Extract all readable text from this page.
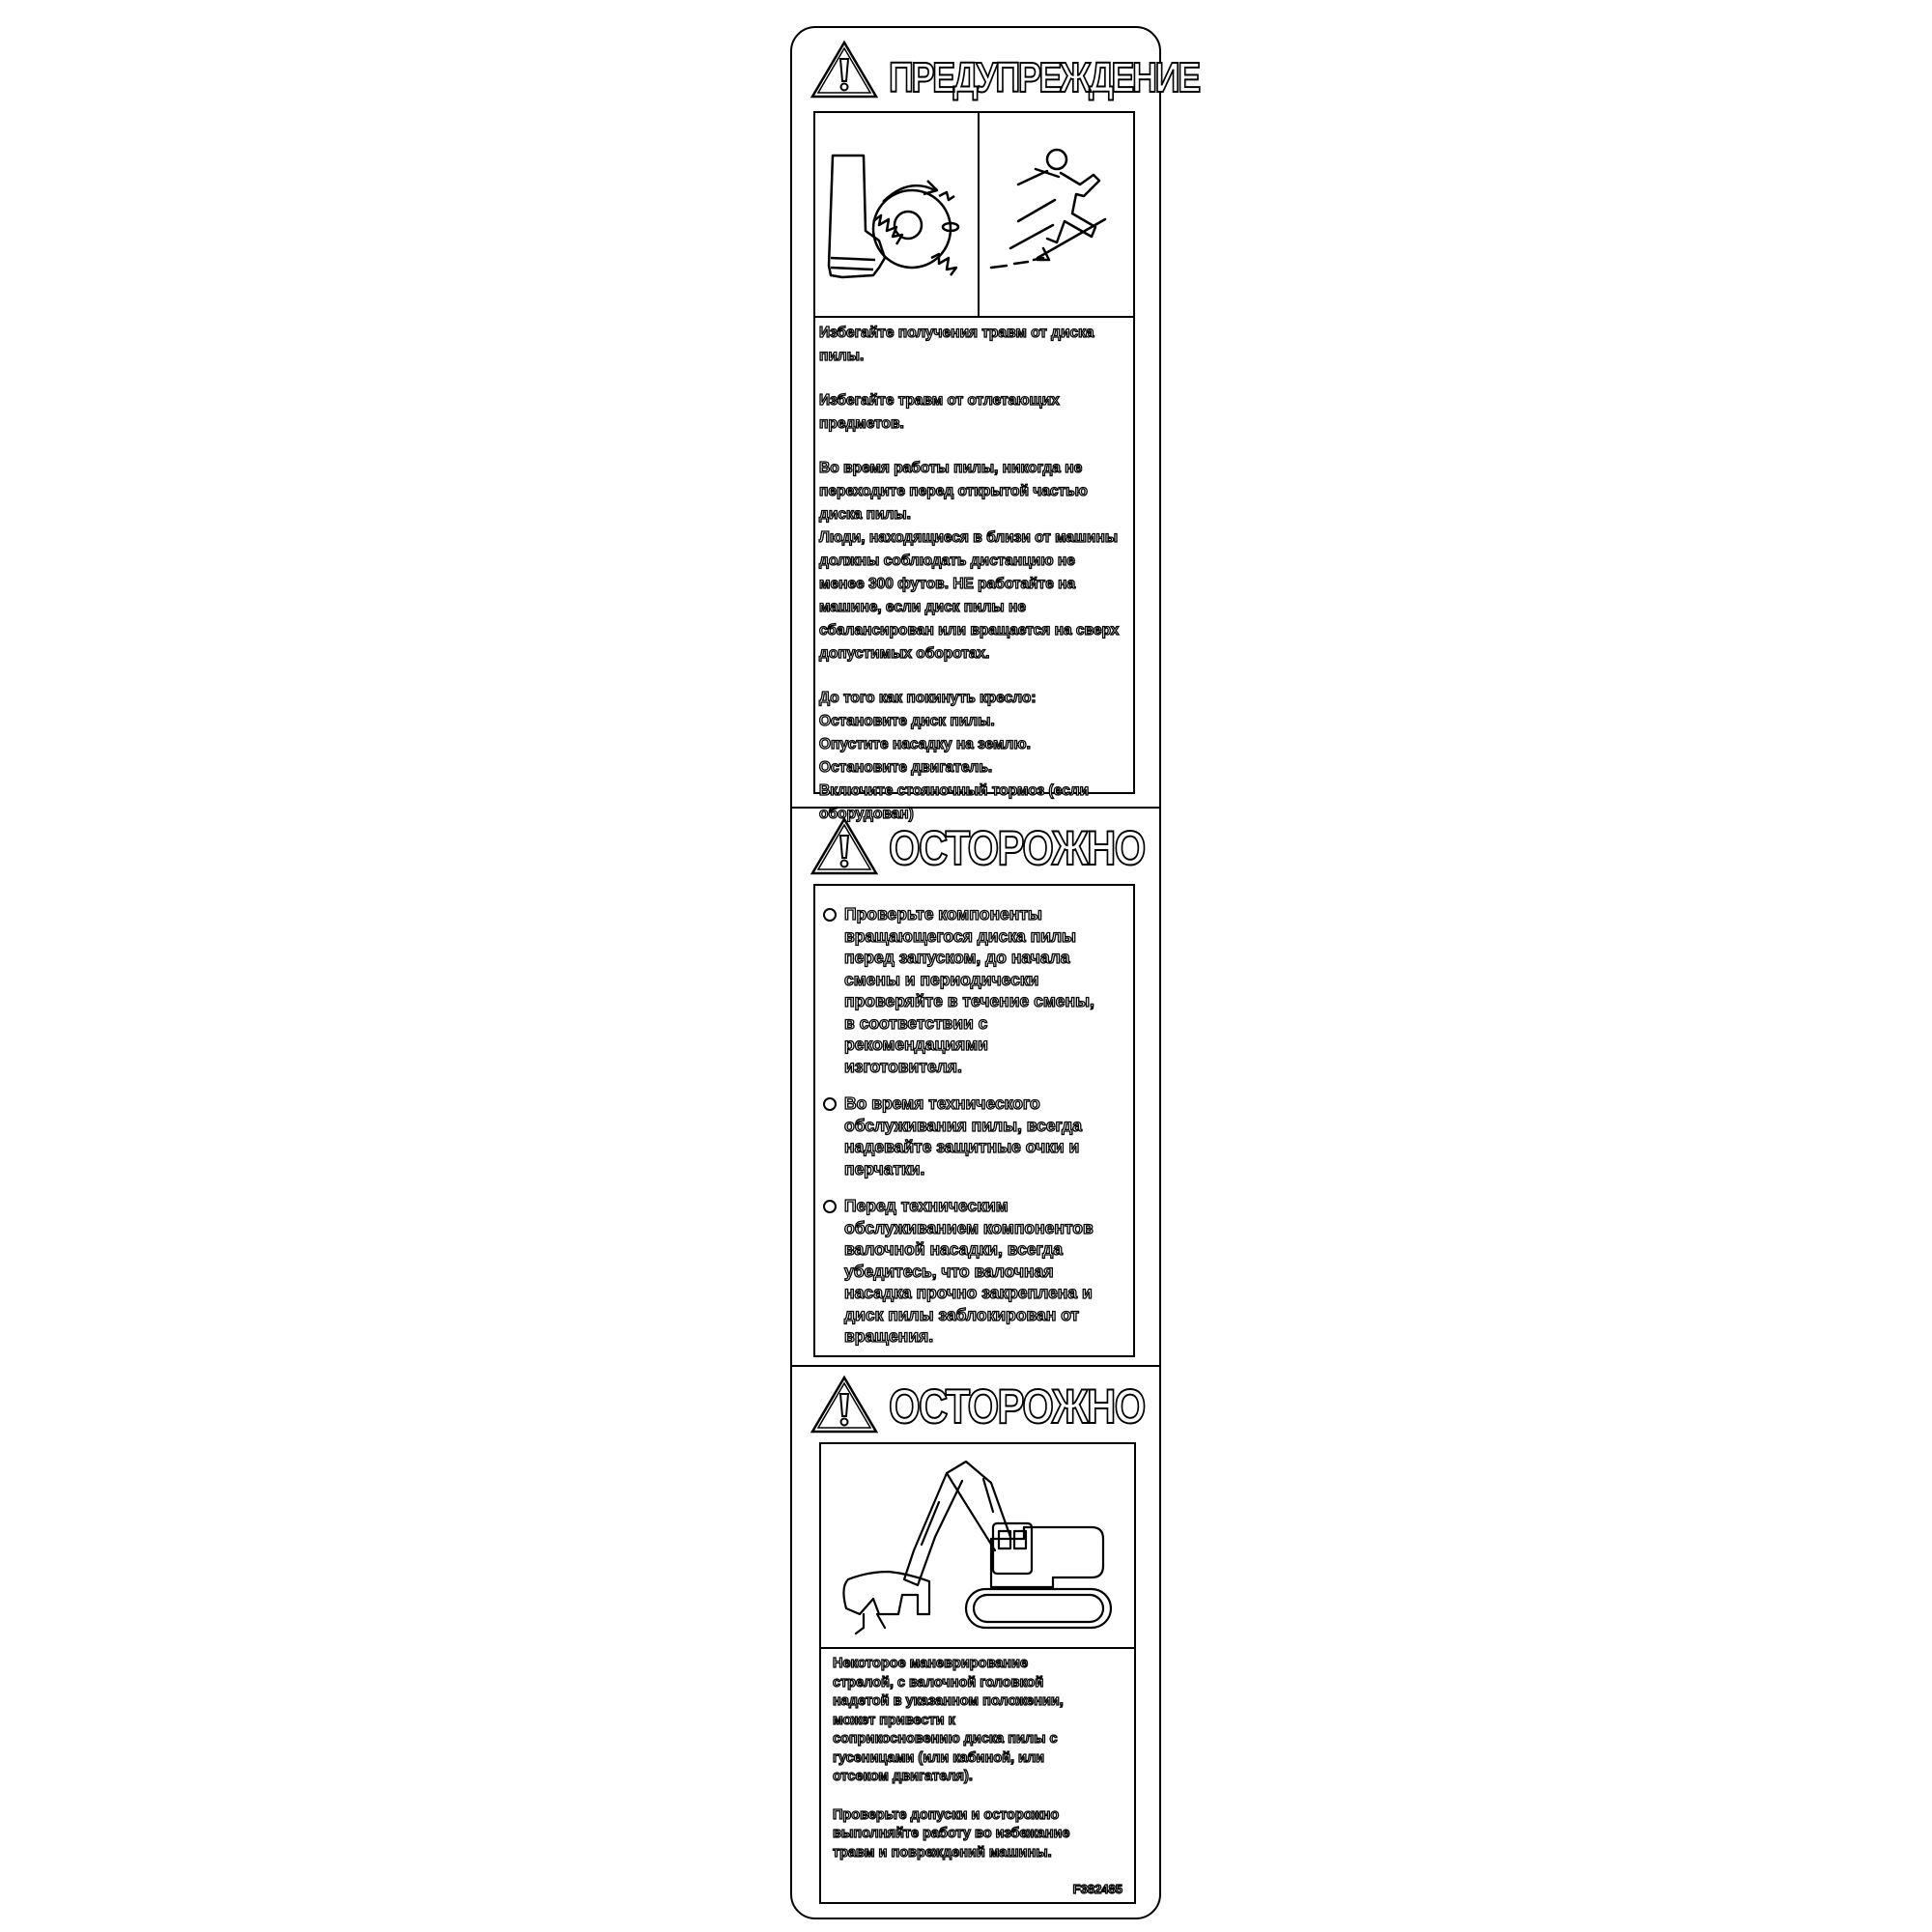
ПРЕДУПРЕЖДЕНИЕ

Избегайте получения травм от диска пилы.

Избегайте травм от отлетающих предметов.

Во время работы пилы, никогда не

переходите перед открытой частью

диска пилы.

Люди, находящиеся в близи от машины

должны соблюдать дистанцию не

менее 300 футов. НЕ работайте на

машине, если диск пилы не

сбалансирован или вращается на сверх

допустимых оборотах.

До того как покинуть кресло:

Остановите диск пилы.

Опустите насадку на землю.

Остановите двигатель.

Включите стояночный тормоз (если

оборудован)

ОСТОРОЖНО
Проверьте компоненты
вращающегося диска пилы
перед запуском, до начала
смены и периодически
проверяйте в течение смены,
в соответствии с
рекомендациями
изготовителя.
Во время технического
обслуживания пилы, всегда
надевайте защитные очки и
перчатки.
Перед техническим
обслуживанием компонентов
валочной насадки, всегда
убедитесь, что валочная
насадка прочно закреплена и
диск пилы заблокирован от
вращения.
ОСТОРОЖНО

Некоторое маневрирование

стрелой, с валочной головкой

надетой в указанном положении,

может привести к

соприкосновению диска пилы с

гусеницами (или кабиной, или

отсеком двигателя).

Проверьте допуски и осторожно

выполняйте работу во избежание

травм и повреждений машины.

F382485
